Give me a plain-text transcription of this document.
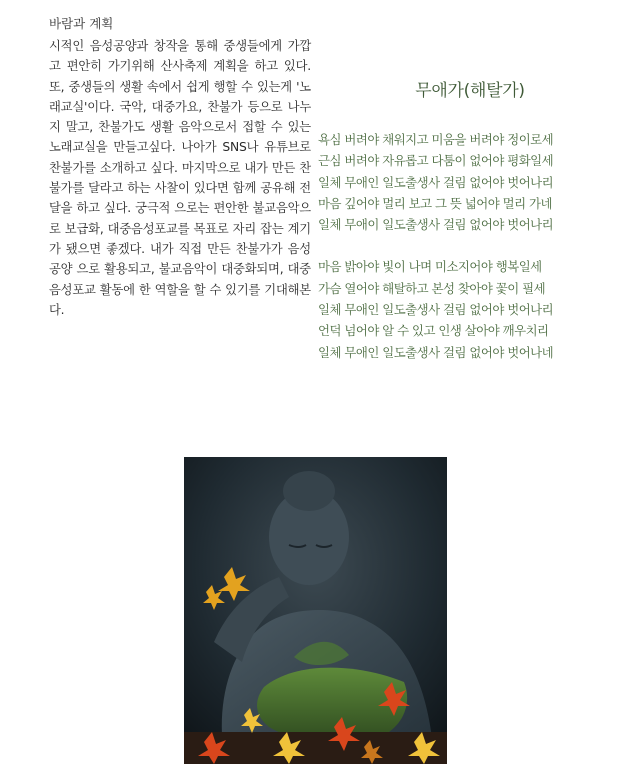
바람과 계획

시적인 음성공양과 창작을 통해 중생들에게 가깝고 편안히 가기위해 산사축제 계획을 하고 있다. 또, 중생들의 생활 속에서 쉽게 행할 수 있는게 '노래교실'이다. 국악, 대중가요, 찬불가 등으로 나누지 말고, 찬불가도 생활 음악으로서 접할 수 있는 노래교실을 만들고싶다. 나아가 SNS나 유튜브로 찬불가를 소개하고 싶다. 마지막으로 내가 만든 찬불가를 달라고 하는 사찰이 있다면 함께 공유해 전달을 하고 싶다. 궁극적 으로는 편안한 불교음악으로 보급화, 대중음성포교를 목표로 자리 잡는 계기가 됐으면 좋겠다. 내가 직접 만든 찬불가가 음성공양 으로 활용되고, 불교음악이 대중화되며, 대중음성포교 활동에 한 역할을 할 수 있기를 기대해본다.

무애가(해탈가)
욕심 버려야 채워지고 미움을 버려야 정이로세
근심 버려야 자유롭고 다툼이 없어야 평화일세
일체 무애인 일도출생사 걸림 없어야 벗어나리
마음 깊어야 멀리 보고 그 뜻 넓어야 멀리 가네
일체 무애이 일도출생사 걸림 없어야 벗어나리
마음 밝아야 빛이 나며 미소지어야 행복일세
가슴 열어야 해탈하고 본성 찾아야 꽃이 필세
일체 무애인 일도출생사 걸림 없어야 벗어나리
언덕 넘어야 알 수 있고 인생 살아야 깨우치리
일체 무애인 일도출생사 걸림 없어야 벗어나네
